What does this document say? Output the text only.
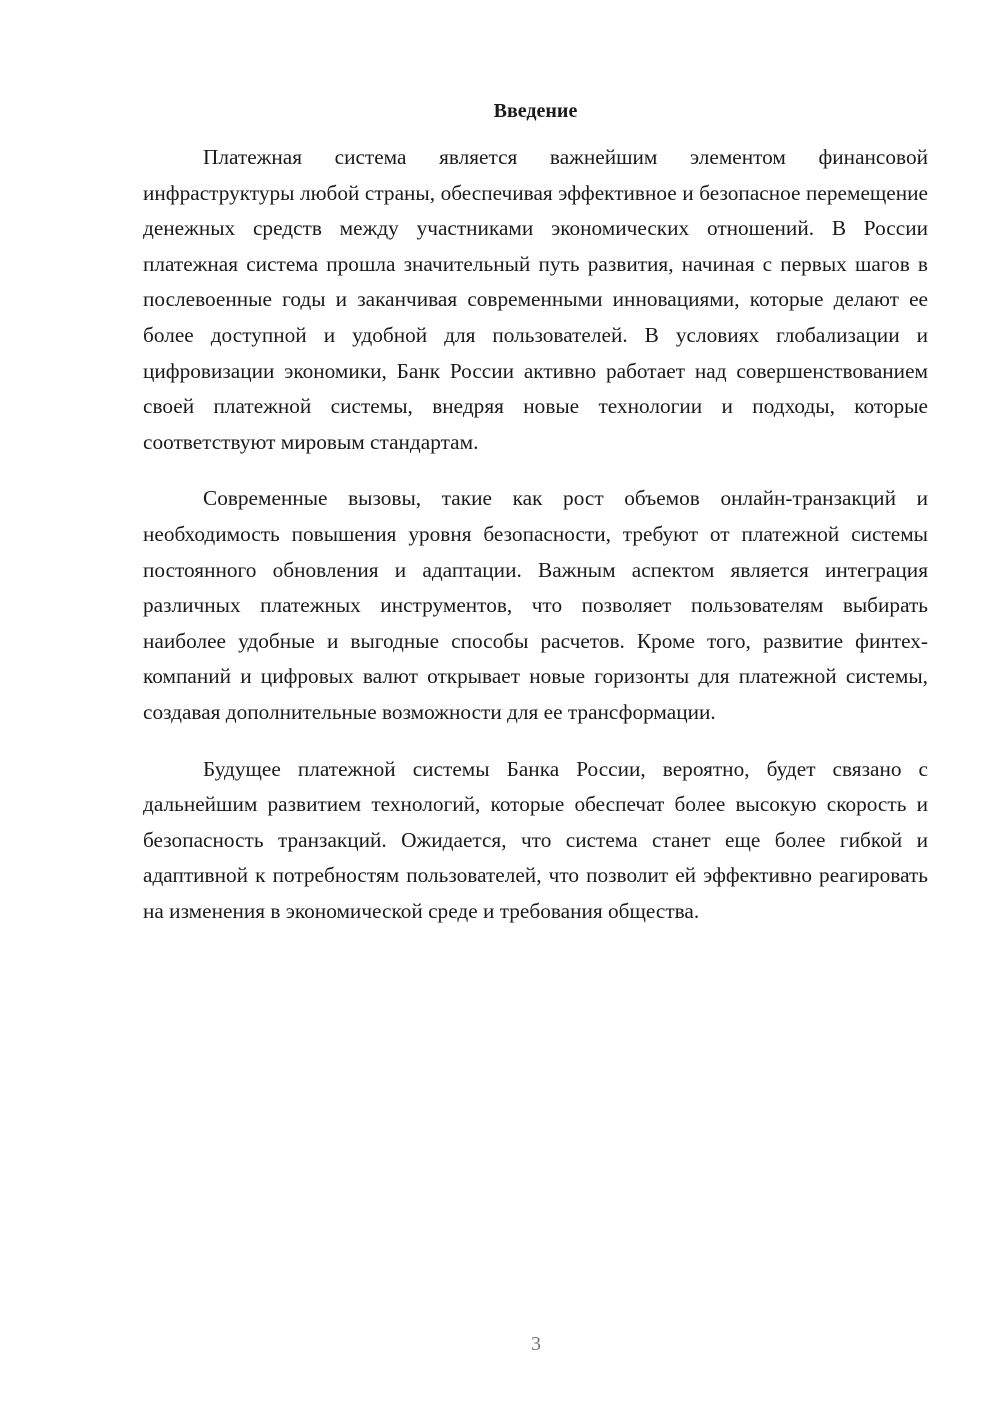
Введение

Платежная система является важнейшим элементом финансовой инфраструктуры любой страны, обеспечивая эффективное и безопасное перемещение денежных средств между участниками экономических отношений. В России платежная система прошла значительный путь развития, начиная с первых шагов в послевоенные годы и заканчивая современными инновациями, которые делают ее более доступной и удобной для пользователей. В условиях глобализации и цифровизации экономики, Банк России активно работает над совершенствованием своей платежной системы, внедряя новые технологии и подходы, которые соответствуют мировым стандартам.

Современные вызовы, такие как рост объемов онлайн-транзакций и необходимость повышения уровня безопасности, требуют от платежной системы постоянного обновления и адаптации. Важным аспектом является интеграция различных платежных инструментов, что позволяет пользователям выбирать наиболее удобные и выгодные способы расчетов. Кроме того, развитие финтех-компаний и цифровых валют открывает новые горизонты для платежной системы, создавая дополнительные возможности для ее трансформации.

Будущее платежной системы Банка России, вероятно, будет связано с дальнейшим развитием технологий, которые обеспечат более высокую скорость и безопасность транзакций. Ожидается, что система станет еще более гибкой и адаптивной к потребностям пользователей, что позволит ей эффективно реагировать на изменения в экономической среде и требования общества.

3
